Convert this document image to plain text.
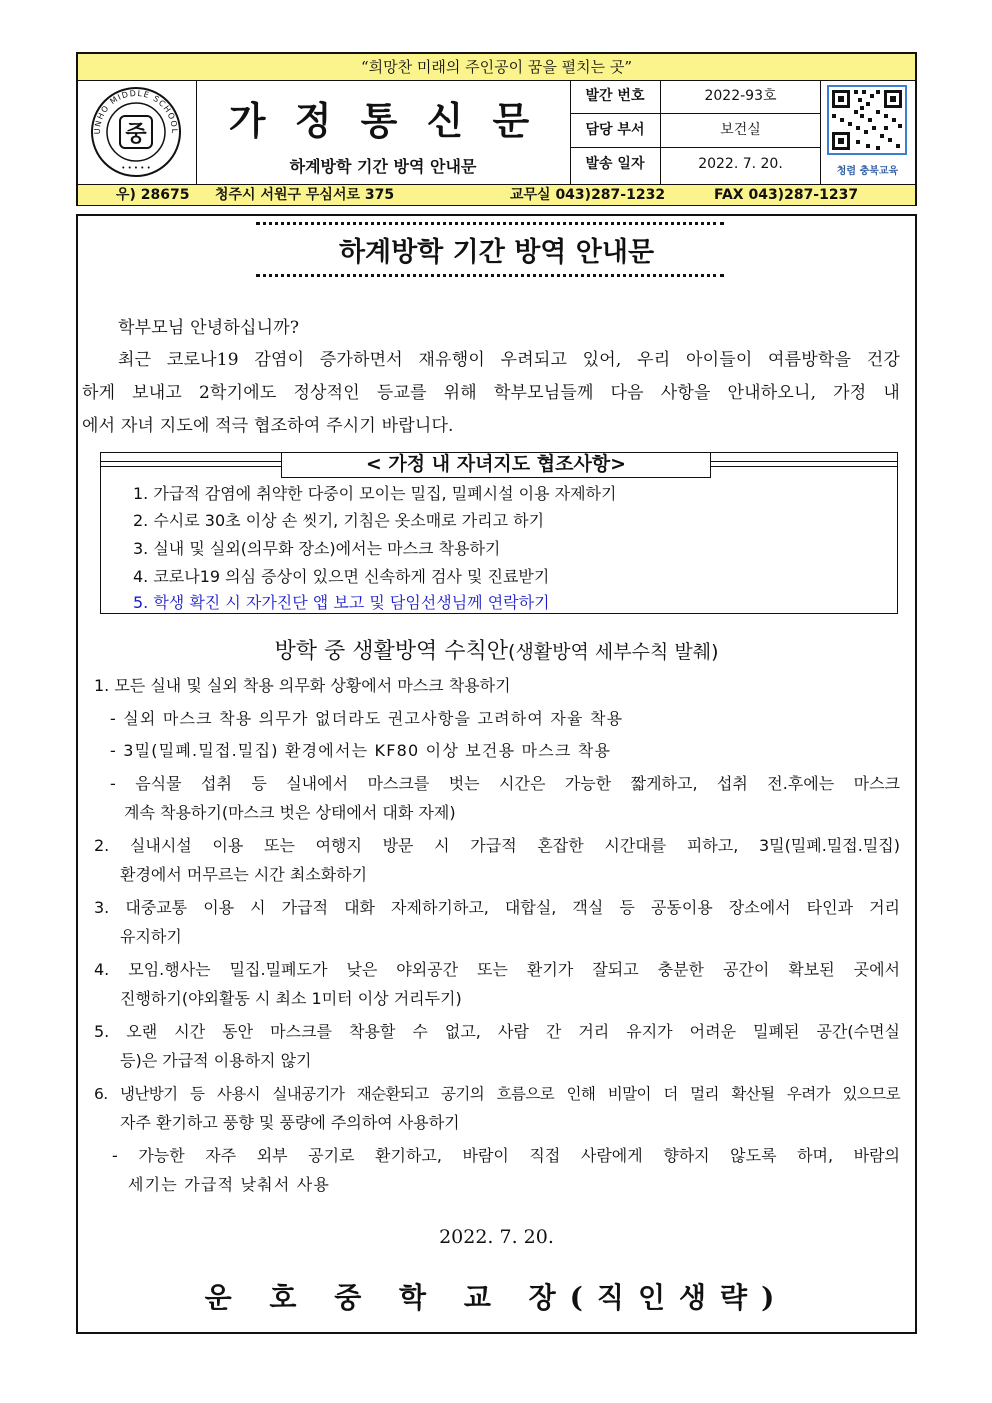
“희망찬 미래의 주인공이 꿈을 펼치는 곳”
UNHO MIDDLE SCHOOL
중
• • • • •
가 정 통 신 문
하계방학 기간 방역 안내문
발간 번호	2022-93호
담당 부서	보건실
발송 일자	2022. 7. 20.	청렴 충북교육
우) 28675 청주시 서원구 무심서로 375	교무실 043)287-1232	FAX 043)287-1237
하계방학 기간 방역 안내문
학부모님 안녕하십니까?
최근 코로나19 감염이 증가하면서 재유행이 우려되고 있어, 우리 아이들이 여름방학을 건강
하게 보내고 2학기에도 정상적인 등교를 위해 학부모님들께 다음 사항을 안내하오니, 가정 내
에서 자녀 지도에 적극 협조하여 주시기 바랍니다.
< 가정 내 자녀지도 협조사항>
1. 가급적 감염에 취약한 다중이 모이는 밀집, 밀폐시설 이용 자제하기
2. 수시로 30초 이상 손 씻기, 기침은 옷소매로 가리고 하기
3. 실내 및 실외(의무화 장소)에서는 마스크 착용하기
4. 코로나19 의심 증상이 있으면 신속하게 검사 및 진료받기
5. 학생 확진 시 자가진단 앱 보고 및 담임선생님께 연락하기
방학 중 생활방역 수칙안(생활방역 세부수칙 발췌)
1. 모든 실내 및 실외 착용 의무화 상황에서 마스크 착용하기
- 실외 마스크 착용 의무가 없더라도 권고사항을 고려하여 자율 착용
- 3밀(밀폐.밀접.밀집) 환경에서는 KF80 이상 보건용 마스크 착용
- 음식물 섭취 등 실내에서 마스크를 벗는 시간은 가능한 짧게하고, 섭취 전.후에는 마스크
계속 착용하기(마스크 벗은 상태에서 대화 자제)
2. 실내시설 이용 또는 여행지 방문 시 가급적 혼잡한 시간대를 피하고, 3밀(밀폐.밀접.밀집)
환경에서 머무르는 시간 최소화하기
3. 대중교통 이용 시 가급적 대화 자제하기하고, 대합실, 객실 등 공동이용 장소에서 타인과 거리
유지하기
4. 모임.행사는 밀집.밀폐도가 낮은 야외공간 또는 환기가 잘되고 충분한 공간이 확보된 곳에서
진행하기(야외활동 시 최소 1미터 이상 거리두기)
5. 오랜 시간 동안 마스크를 착용할 수 없고, 사람 간 거리 유지가 어려운 밀폐된 공간(수면실
등)은 가급적 이용하지 않기
6. 냉난방기 등 사용시 실내공기가 재순환되고 공기의 흐름으로 인해 비말이 더 멀리 확산될 우려가 있으므로
자주 환기하고 풍향 및 풍량에 주의하여 사용하기
- 가능한 자주 외부 공기로 환기하고, 바람이 직접 사람에게 향하지 않도록 하며, 바람의
세기는 가급적 낮춰서 사용
2022. 7. 20.
운 호 중 학 교 장(직인생략)
